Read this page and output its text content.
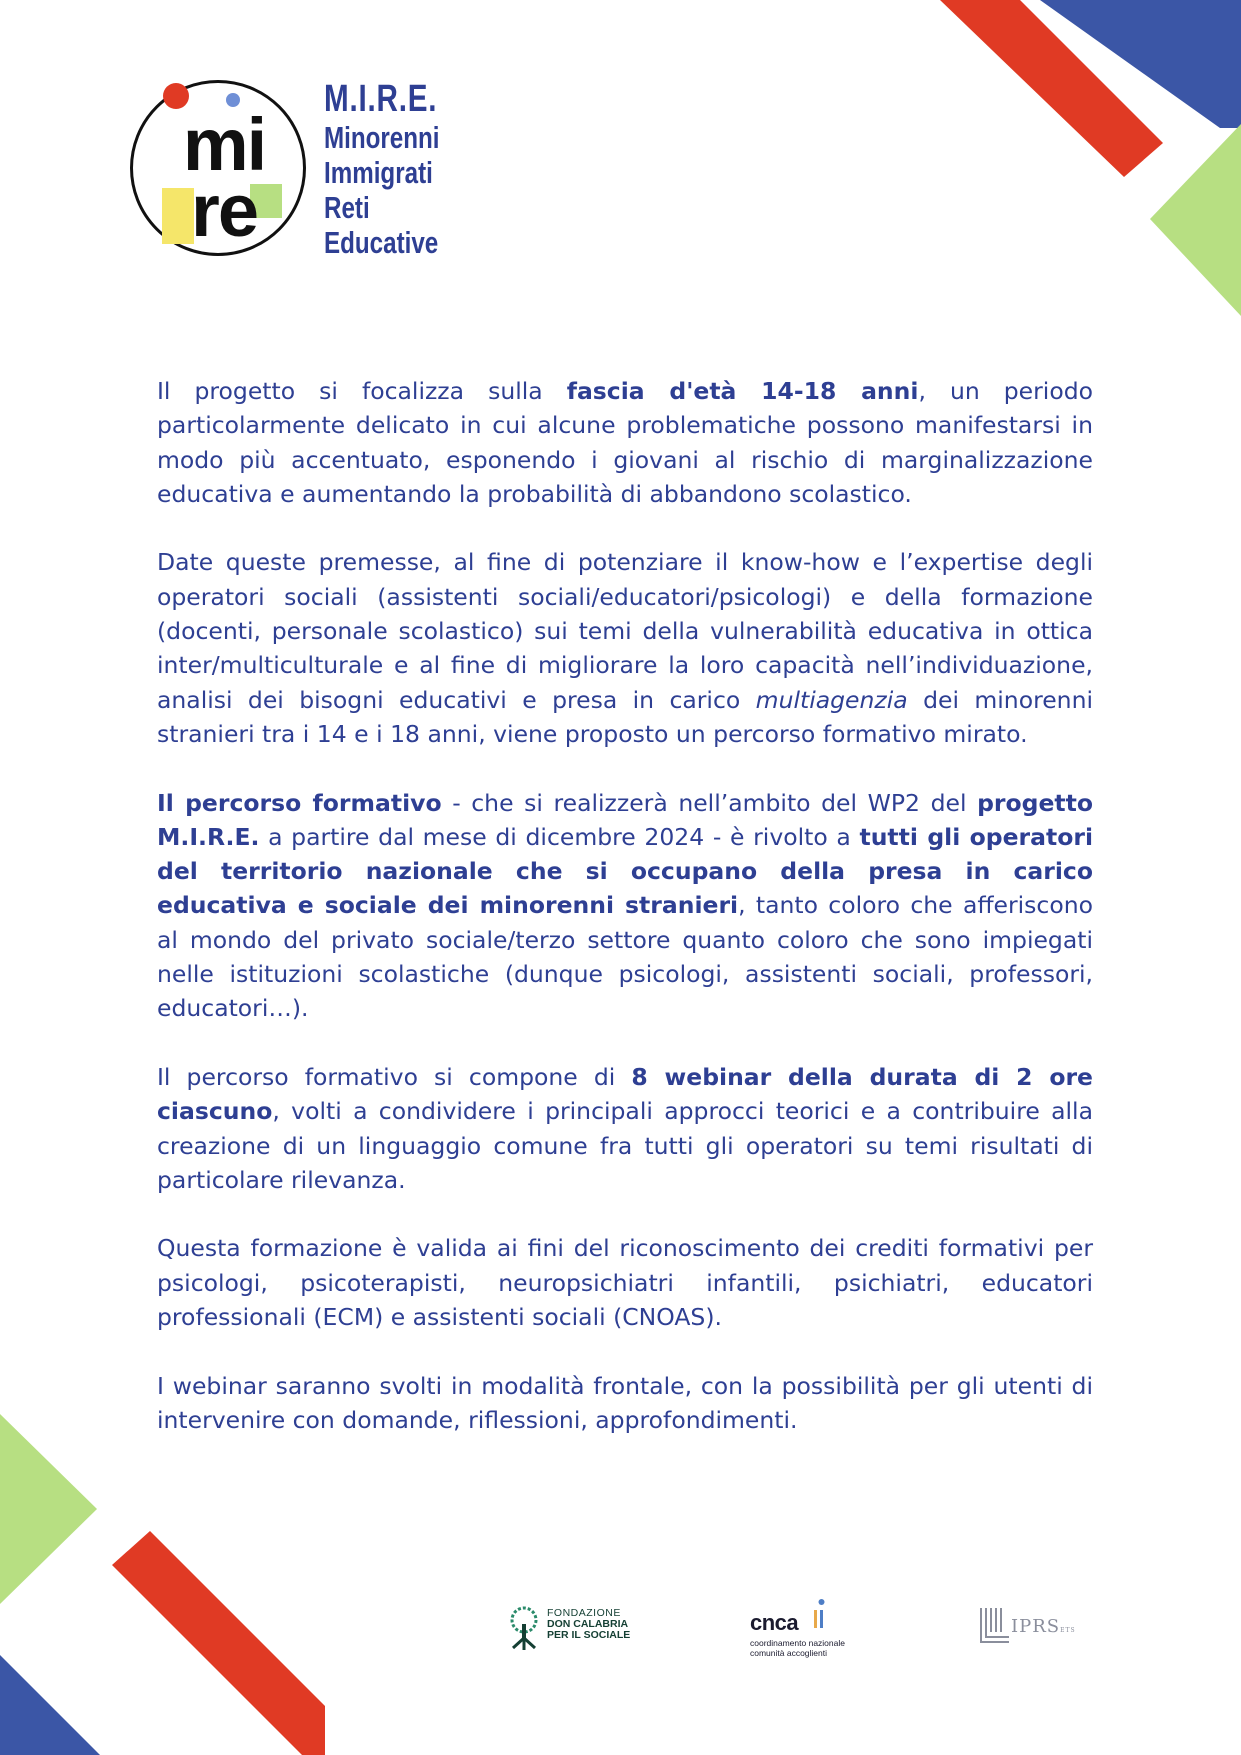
mi
re
M.I.R.E.
Minorenni
Immigrati
Reti
Educative

Il progetto si focalizza sulla fascia d'età 14-18 anni, un periodo particolarmente delicato in cui alcune problematiche possono manifestarsi in modo più accentuato, esponendo i giovani al rischio di marginalizzazione educativa e aumentando la probabilità di abbandono scolastico.

Date queste premesse, al fine di potenziare il know-how e l’expertise degli operatori sociali (assistenti sociali/educatori/psicologi) e della formazione (docenti, personale scolastico) sui temi della vulnerabilità educativa in ottica inter/multiculturale e al fine di migliorare la loro capacità nell’individuazione, analisi dei bisogni educativi e presa in carico multiagenzia dei minorenni stranieri tra i 14 e i 18 anni, viene proposto un percorso formativo mirato.

Il percorso formativo - che si realizzerà nell’ambito del WP2 del progetto M.I.R.E. a partire dal mese di dicembre 2024 - è rivolto a tutti gli operatori del territorio nazionale che si occupano della presa in carico educativa e sociale dei minorenni stranieri, tanto coloro che afferiscono al mondo del privato sociale/terzo settore quanto coloro che sono impiegati nelle istituzioni scolastiche (dunque psicologi, assistenti sociali, professori, educatori…).

Il percorso formativo si compone di 8 webinar della durata di 2 ore ciascuno, volti a condividere i principali approcci teorici e a contribuire alla creazione di un linguaggio comune fra tutti gli operatori su temi risultati di particolare rilevanza.

Questa formazione è valida ai fini del riconoscimento dei crediti formativi per psicologi, psicoterapisti, neuropsichiatri infantili, psichiatri, educatori professionali (ECM) e assistenti sociali (CNOAS).

I webinar saranno svolti in modalità frontale, con la possibilità per gli utenti di intervenire con domande, riflessioni, approfondimenti.

FONDAZIONE
DON CALABRIA
PER IL SOCIALE	cnca
coordinamento nazionale
comunità accoglienti
IPRSETS
